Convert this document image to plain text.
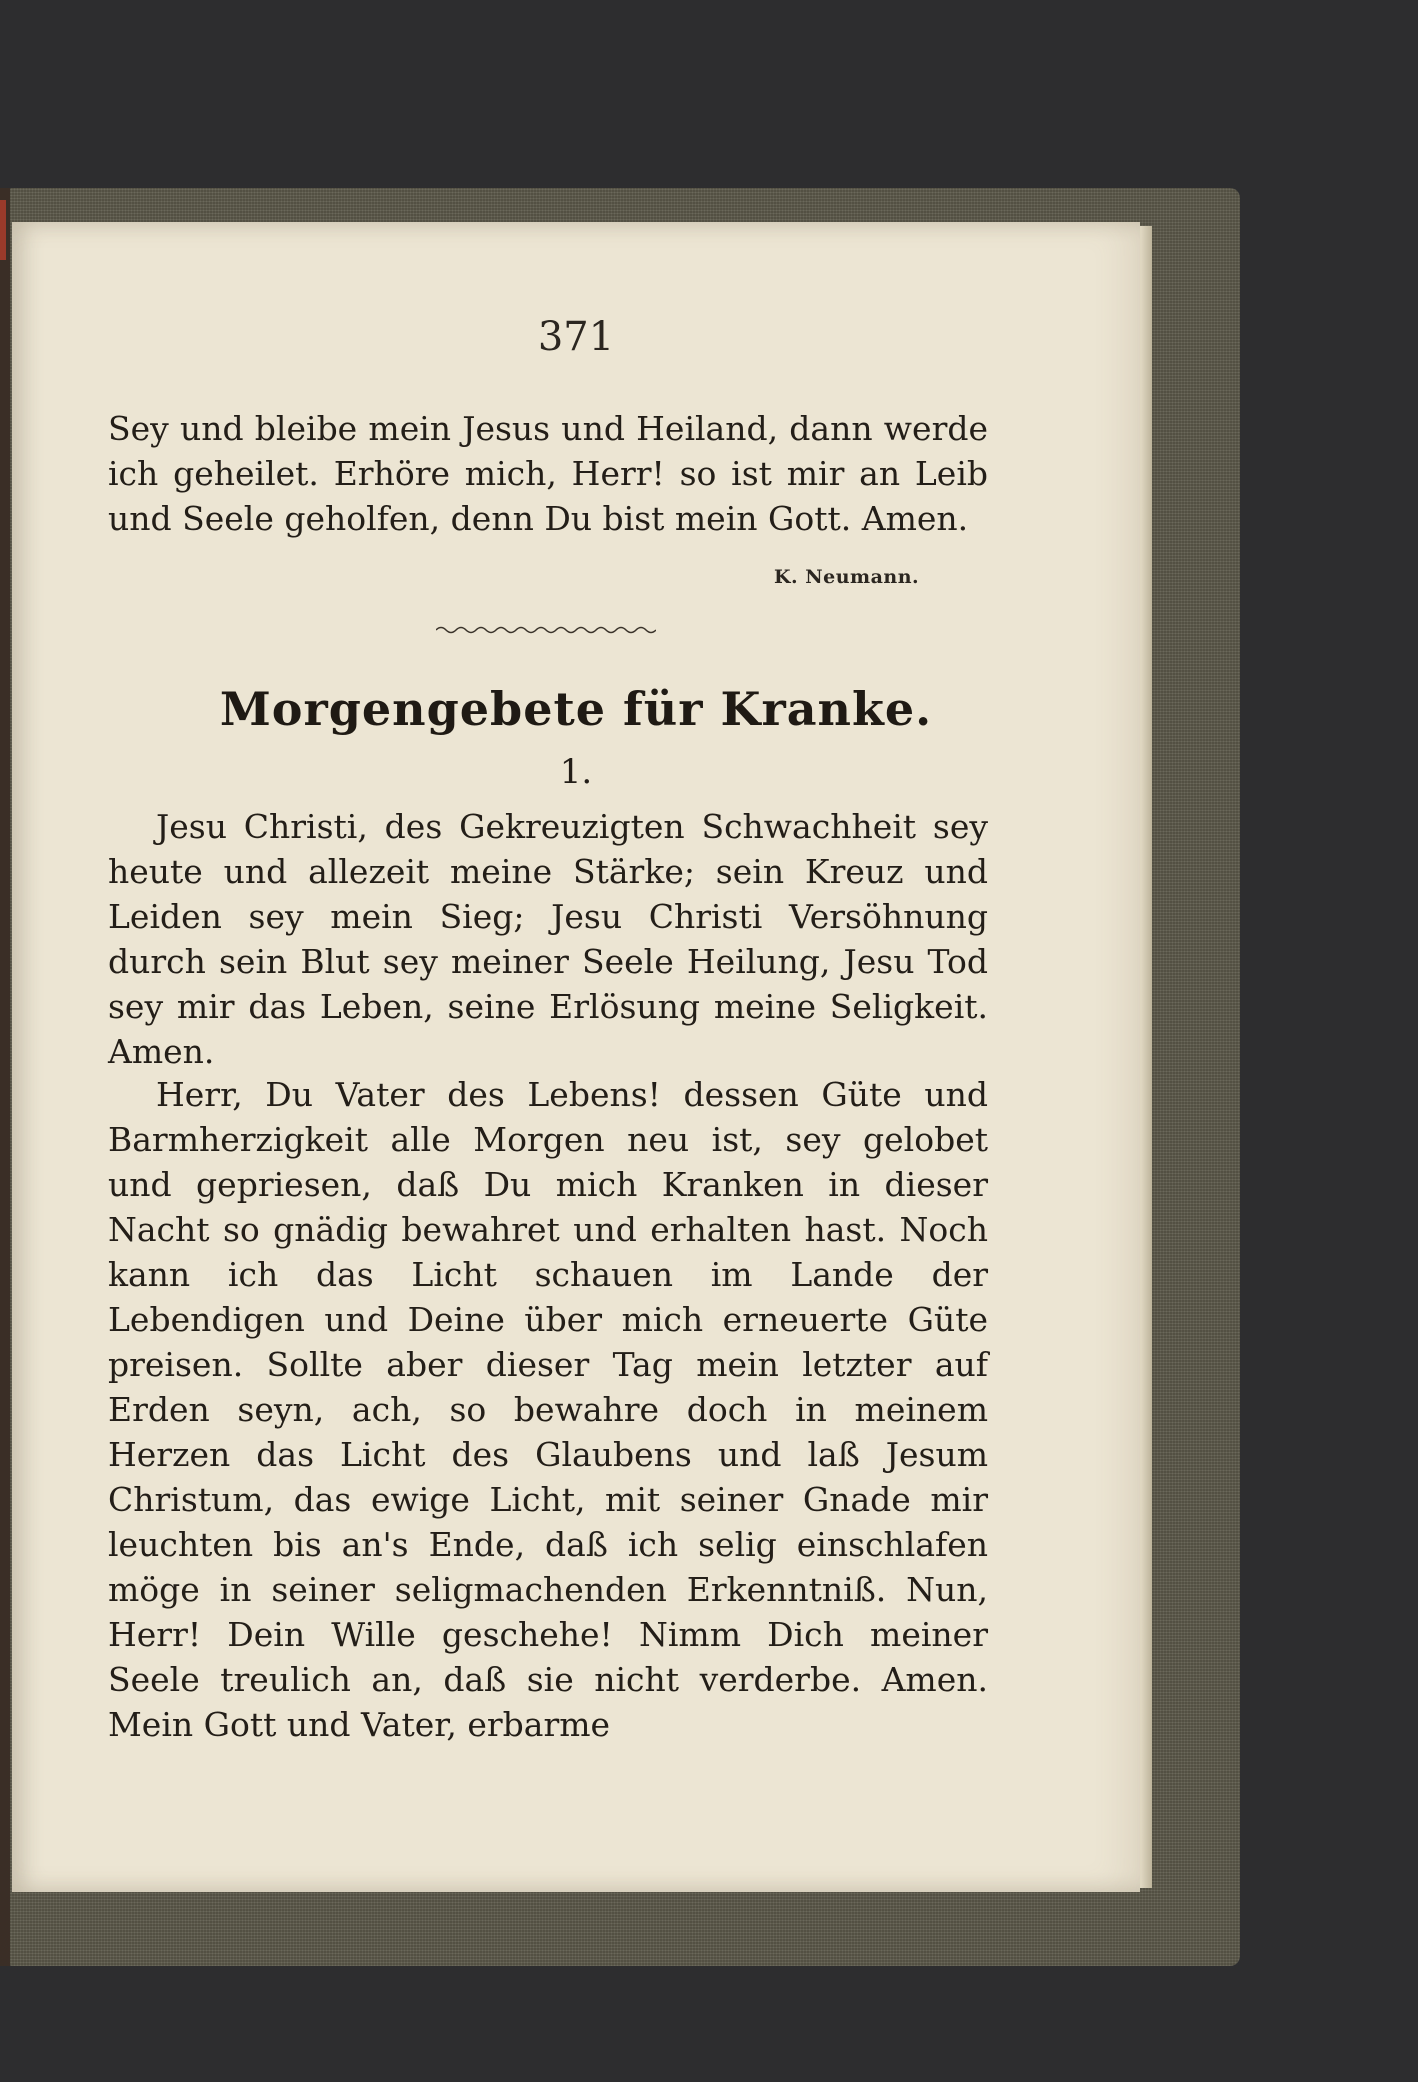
371

Sey und bleibe mein Jesus und Heiland, dann werde ich geheilet. Erhöre mich, Herr! so ist mir an Leib und Seele geholfen, denn Du bist mein Gott. Amen.

K. Neumann.
Morgengebete für Kranke.
1.

Jesu Christi, des Gekreuzigten Schwachheit sey heute und allezeit meine Stärke; sein Kreuz und Leiden sey mein Sieg; Jesu Christi Versöhnung durch sein Blut sey meiner Seele Heilung, Jesu Tod sey mir das Leben, seine Erlösung meine Seligkeit. Amen.

Herr, Du Vater des Lebens! dessen Güte und Barmherzigkeit alle Morgen neu ist, sey gelobet und gepriesen, daß Du mich Kranken in dieser Nacht so gnädig bewahret und erhalten hast. Noch kann ich das Licht schauen im Lande der Lebendigen und Deine über mich erneuerte Güte preisen. Sollte aber dieser Tag mein letzter auf Erden seyn, ach, so bewahre doch in meinem Herzen das Licht des Glaubens und laß Jesum Christum, das ewige Licht, mit seiner Gnade mir leuchten bis an's Ende, daß ich selig einschlafen möge in seiner seligmachenden Erkenntniß. Nun, Herr! Dein Wille geschehe! Nimm Dich meiner Seele treulich an, daß sie nicht verderbe. Amen. Mein Gott und Vater, erbarme
